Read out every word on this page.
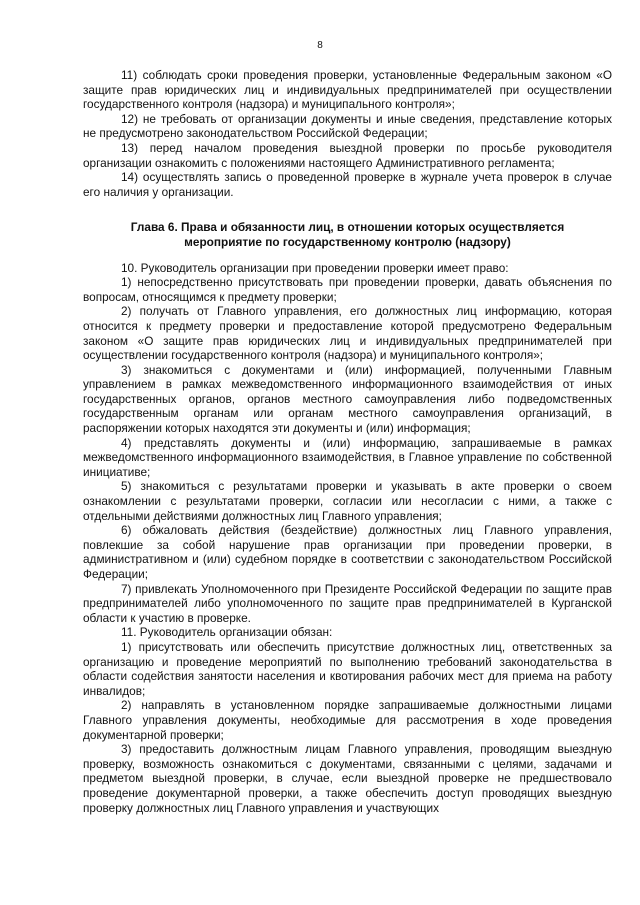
8

11) соблюдать сроки проведения проверки, установленные Федеральным законом «О защите прав юридических лиц и индивидуальных предпринимателей при осуществлении государственного контроля (надзора) и муниципального контроля»;

12) не требовать от организации документы и иные сведения, представление которых не предусмотрено законодательством Российской Федерации;

13) перед началом проведения выездной проверки по просьбе руководителя организации ознакомить с положениями настоящего Административного регламента;

14) осуществлять запись о проведенной проверке в журнале учета проверок в случае его наличия у организации.

Глава 6. Права и обязанности лиц, в отношении которых осуществляется
мероприятие по государственному контролю (надзору)

10. Руководитель организации при проведении проверки имеет право:

1) непосредственно присутствовать при проведении проверки, давать объяснения по вопросам, относящимся к предмету проверки;

2) получать от Главного управления, его должностных лиц информацию, которая относится к предмету проверки и предоставление которой предусмотрено Федеральным законом «О защите прав юридических лиц и индивидуальных предпринимателей при осуществлении государственного контроля (надзора) и муниципального контроля»;

3) знакомиться с документами и (или) информацией, полученными Главным управлением в рамках межведомственного информационного взаимодействия от иных государственных органов, органов местного самоуправления либо подведомственных государственным органам или органам местного самоуправления организаций, в распоряжении которых находятся эти документы и (или) информация;

4) представлять документы и (или) информацию, запрашиваемые в рамках межведомственного информационного взаимодействия, в Главное управление по собственной инициативе;

5) знакомиться с результатами проверки и указывать в акте проверки о своем ознакомлении с результатами проверки, согласии или несогласии с ними, а также с отдельными действиями должностных лиц Главного управления;

6) обжаловать действия (бездействие) должностных лиц Главного управления, повлекшие за собой нарушение прав организации при проведении проверки, в административном и (или) судебном порядке в соответствии с законодательством Российской Федерации;

7) привлекать Уполномоченного при Президенте Российской Федерации по защите прав предпринимателей либо уполномоченного по защите прав предпринимателей в Курганской области к участию в проверке.

11. Руководитель организации обязан:

1) присутствовать или обеспечить присутствие должностных лиц, ответственных за организацию и проведение мероприятий по выполнению требований законодательства в области содействия занятости населения и квотирования рабочих мест для приема на работу инвалидов;

2) направлять в установленном порядке запрашиваемые должностными лицами Главного управления документы, необходимые для рассмотрения в ходе проведения документарной проверки;

3) предоставить должностным лицам Главного управления, проводящим выездную проверку, возможность ознакомиться с документами, связанными с целями, задачами и предметом выездной проверки, в случае, если выездной проверке не предшествовало проведение документарной проверки, а также обеспечить доступ проводящих выездную проверку должностных лиц Главного управления и участвующих
